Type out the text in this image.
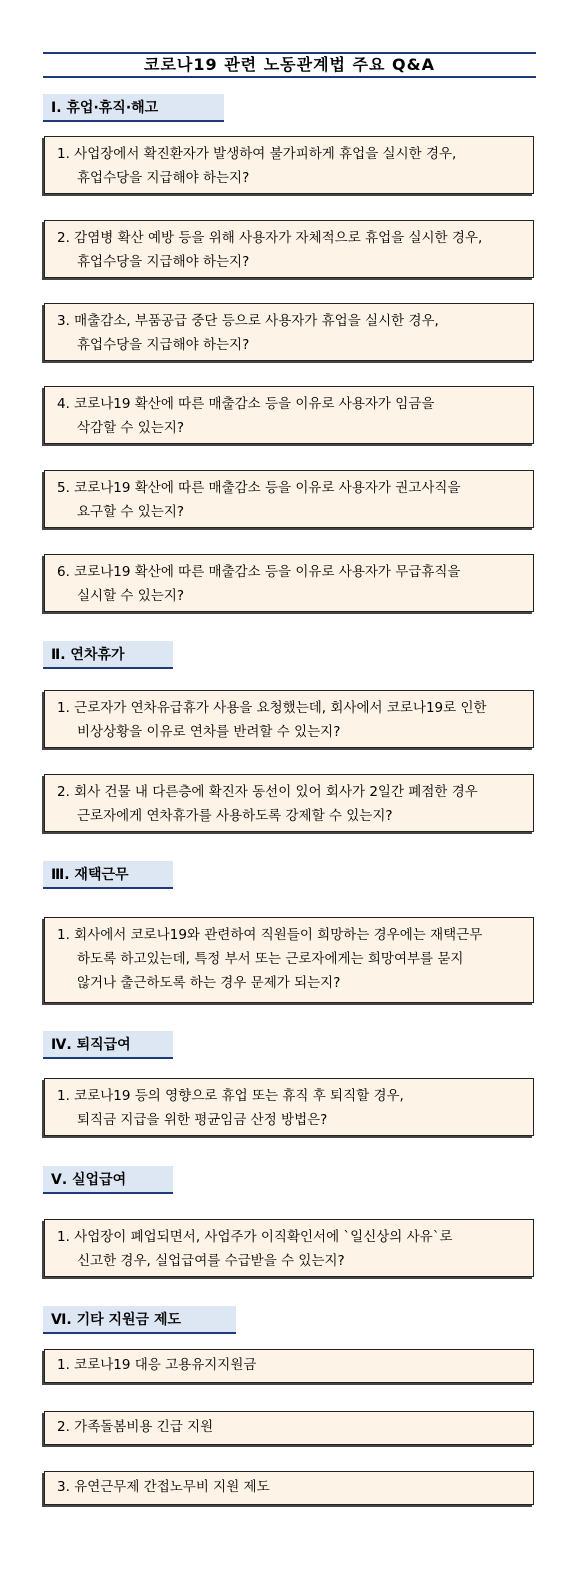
코로나19 관련 노동관계법 주요 Q&A
Ⅰ. 휴업·휴직·해고
1. 사업장에서 확진환자가 발생하여 불가피하게 휴업을 실시한 경우,
휴업수당을 지급해야 하는지?
2. 감염병 확산 예방 등을 위해 사용자가 자체적으로 휴업을 실시한 경우,
휴업수당을 지급해야 하는지?
3. 매출감소, 부품공급 중단 등으로 사용자가 휴업을 실시한 경우,
휴업수당을 지급해야 하는지?
4. 코로나19 확산에 따른 매출감소 등을 이유로 사용자가 임금을
삭감할 수 있는지?
5. 코로나19 확산에 따른 매출감소 등을 이유로 사용자가 권고사직을
요구할 수 있는지?
6. 코로나19 확산에 따른 매출감소 등을 이유로 사용자가 무급휴직을
실시할 수 있는지?
Ⅱ. 연차휴가
1. 근로자가 연차유급휴가 사용을 요청했는데, 회사에서 코로나19로 인한
비상상황을 이유로 연차를 반려할 수 있는지?
2. 회사 건물 내 다른층에 확진자 동선이 있어 회사가 2일간 폐점한 경우
근로자에게 연차휴가를 사용하도록 강제할 수 있는지?
Ⅲ. 재택근무
1. 회사에서 코로나19와 관련하여 직원들이 희망하는 경우에는 재택근무
하도록 하고있는데, 특정 부서 또는 근로자에게는 희망여부를 묻지
않거나 출근하도록 하는 경우 문제가 되는지?
Ⅳ. 퇴직급여
1. 코로나19 등의 영향으로 휴업 또는 휴직 후 퇴직할 경우,
퇴직금 지급을 위한 평균임금 산정 방법은?
Ⅴ. 실업급여
1. 사업장이 폐업되면서, 사업주가 이직확인서에 `일신상의 사유`로
신고한 경우, 실업급여를 수급받을 수 있는지?
Ⅵ. 기타 지원금 제도
1. 코로나19 대응 고용유지지원금
2. 가족돌봄비용 긴급 지원
3. 유연근무제 간접노무비 지원 제도
